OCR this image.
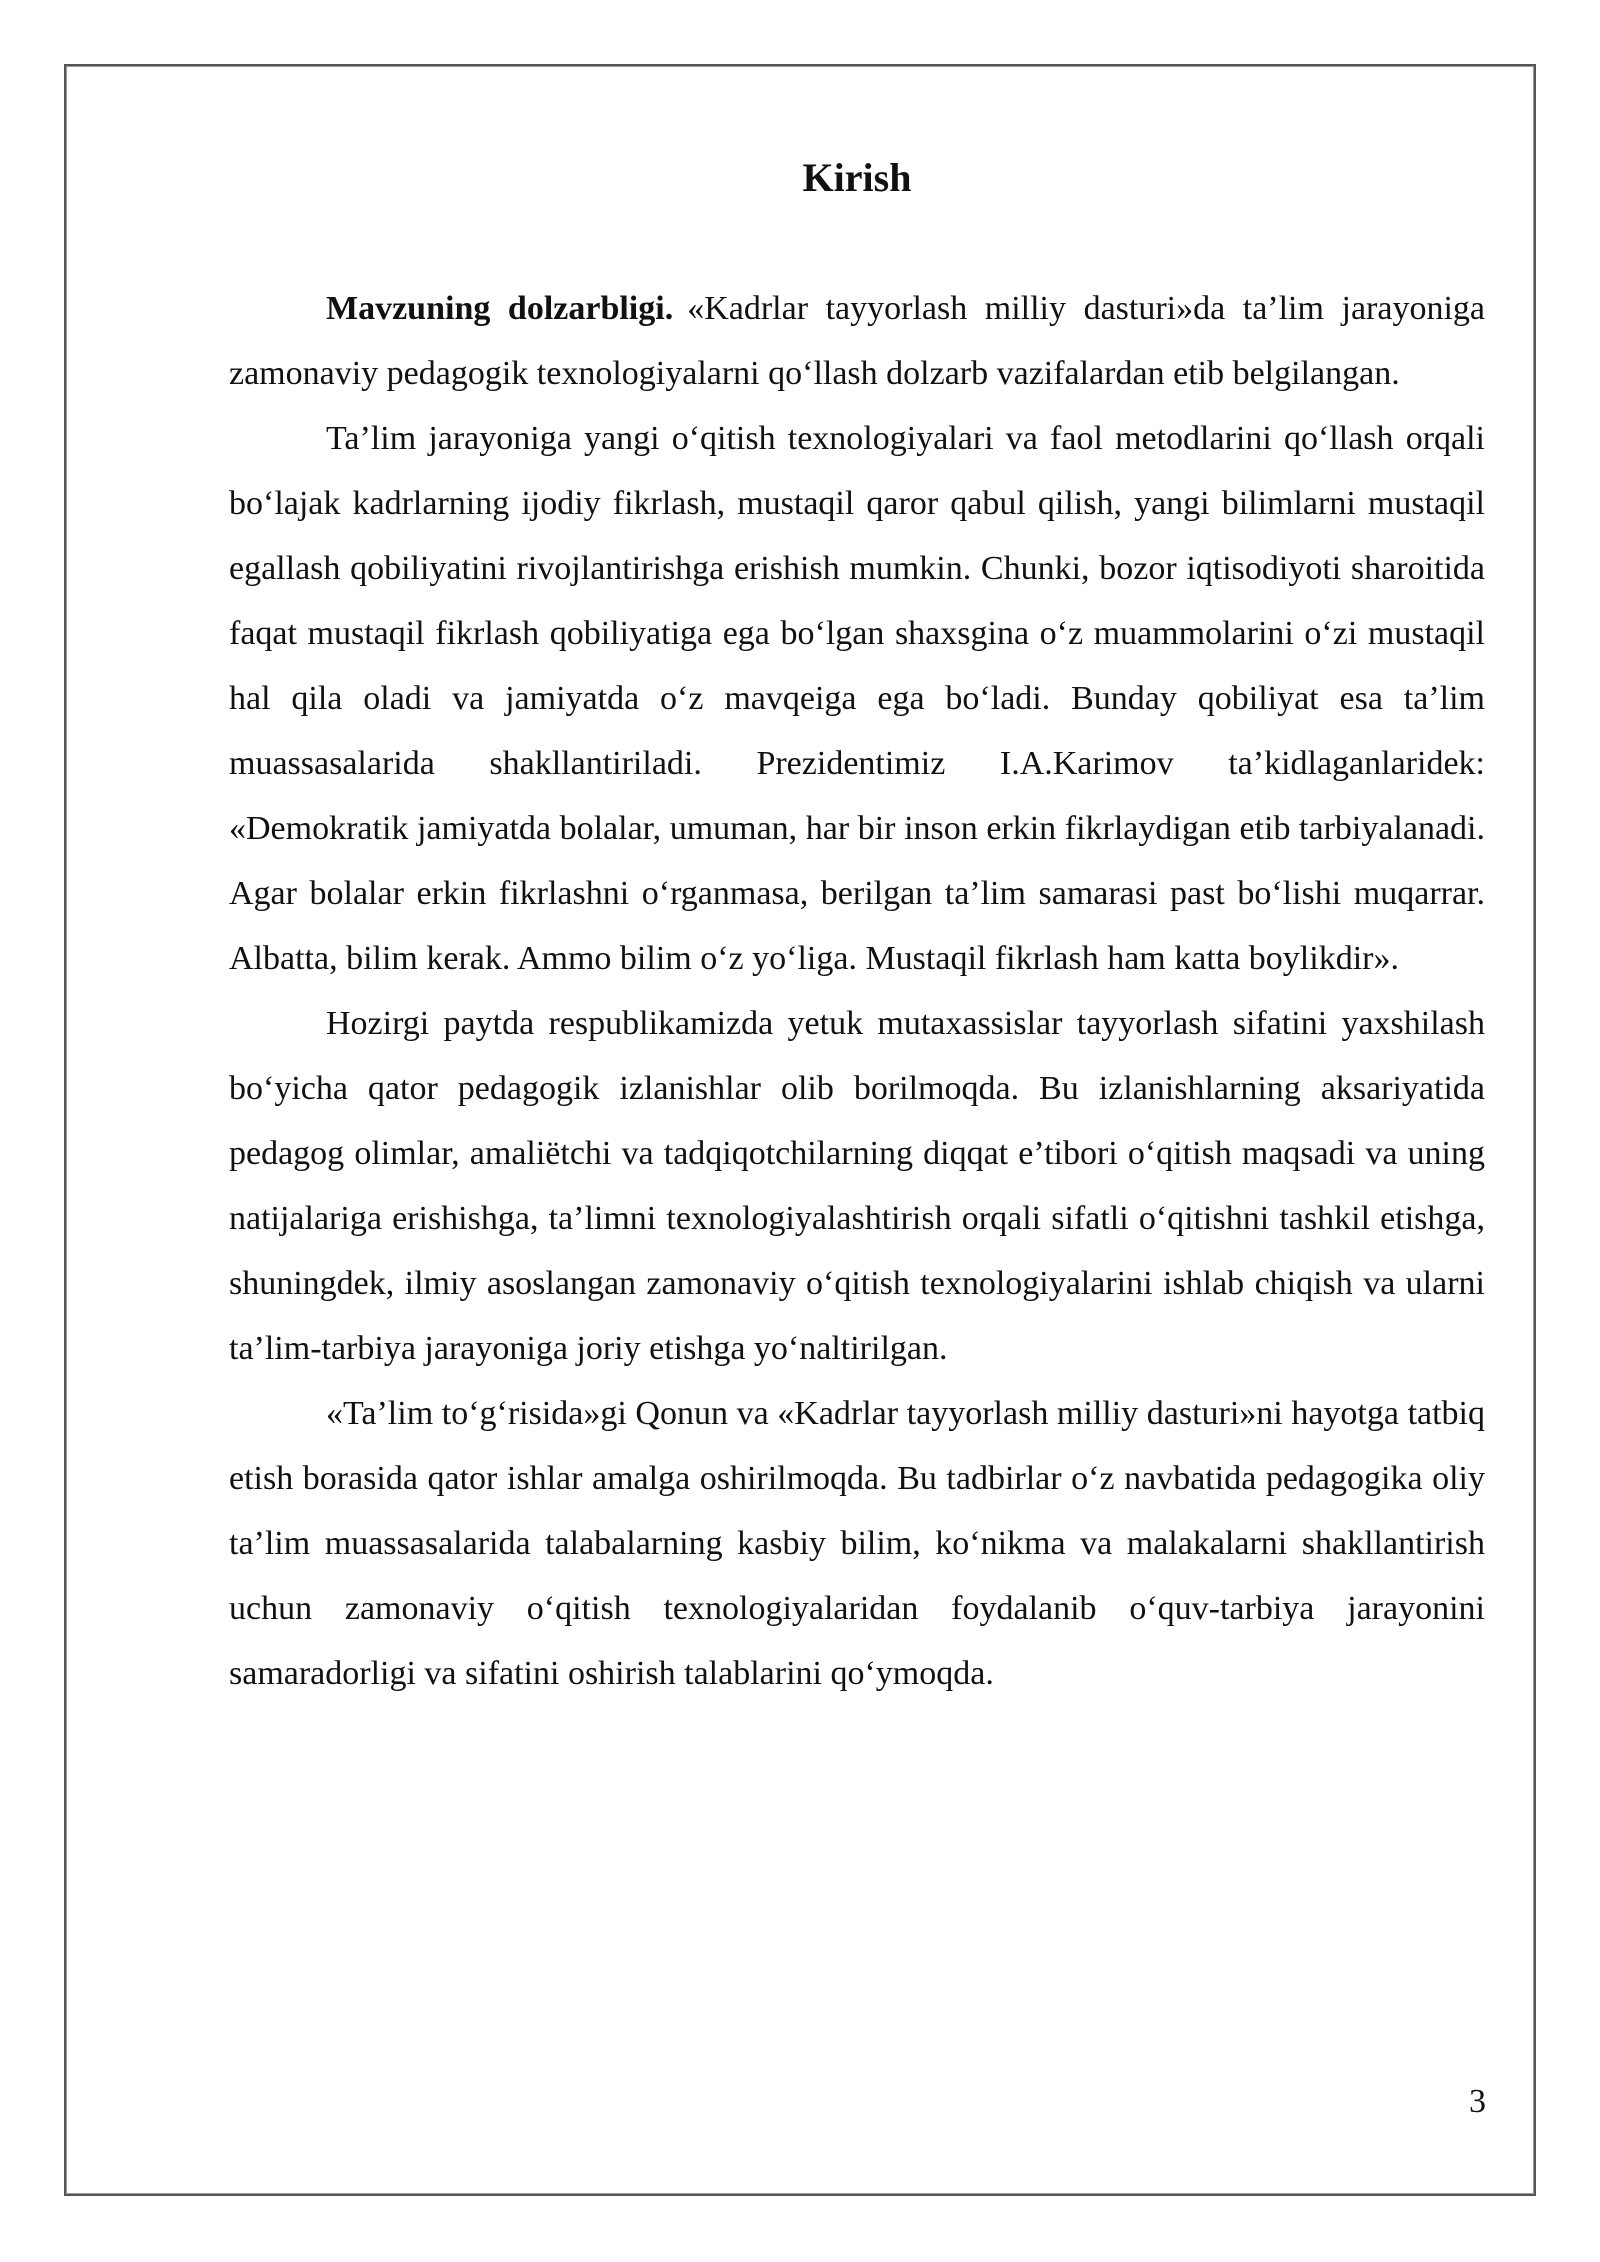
Kirish

Mavzuning dolzarbligi. «Kadrlar tayyorlash milliy dasturi»da ta’lim jarayoniga zamonaviy pedagogik texnologiyalarni qo‘llash dolzarb vazifalardan etib belgilangan.

Ta’lim jarayoniga yangi o‘qitish texnologiyalari va faol metodlarini qo‘llash orqali bo‘lajak kadrlarning ijodiy fikrlash, mustaqil qaror qabul qilish, yangi bilimlarni mustaqil egallash qobiliyatini rivojlantirishga erishish mumkin. Chunki, bozor iqtisodiyoti sharoitida faqat mustaqil fikrlash qobiliyatiga ega bo‘lgan shaxsgina o‘z muammolarini o‘zi mustaqil hal qila oladi va jamiyatda o‘z mavqeiga ega bo‘ladi. Bunday qobiliyat esa ta’lim muassasalarida shakllantiriladi. Prezidentimiz I.A.Karimov ta’kidlaganlaridek: «Demokratik jamiyatda bolalar, umuman, har bir inson erkin fikrlaydigan etib tarbiyalanadi. Agar bolalar erkin fikrlashni o‘rganmasa, berilgan ta’lim samarasi past bo‘lishi muqarrar. Albatta, bilim kerak. Ammo bilim o‘z yo‘liga. Mustaqil fikrlash ham katta boylikdir».

Hozirgi paytda respublikamizda yetuk mutaxassislar tayyorlash sifatini yaxshilash bo‘yicha qator pedagogik izlanishlar olib borilmoqda. Bu izlanishlarning aksariyatida pedagog olimlar, amaliëtchi va tadqiqotchilarning diqqat e’tibori o‘qitish maqsadi va uning natijalariga erishishga, ta’limni texnologiyalashtirish orqali sifatli o‘qitishni tashkil etishga, shuningdek, ilmiy asoslangan zamonaviy o‘qitish texnologiyalarini ishlab chiqish va ularni ta’lim-tarbiya jarayoniga joriy etishga yo‘naltirilgan.

«Ta’lim to‘g‘risida»gi Qonun va «Kadrlar tayyorlash milliy dasturi»ni hayotga tatbiq etish borasida qator ishlar amalga oshirilmoqda. Bu tadbirlar o‘z navbatida pedagogika oliy ta’lim muassasalarida talabalarning kasbiy bilim, ko‘nikma va malakalarni shakllantirish uchun zamonaviy o‘qitish texnologiyalaridan foydalanib o‘quv-tarbiya jarayonini samaradorligi va sifatini oshirish talablarini qo‘ymoqda.

3
